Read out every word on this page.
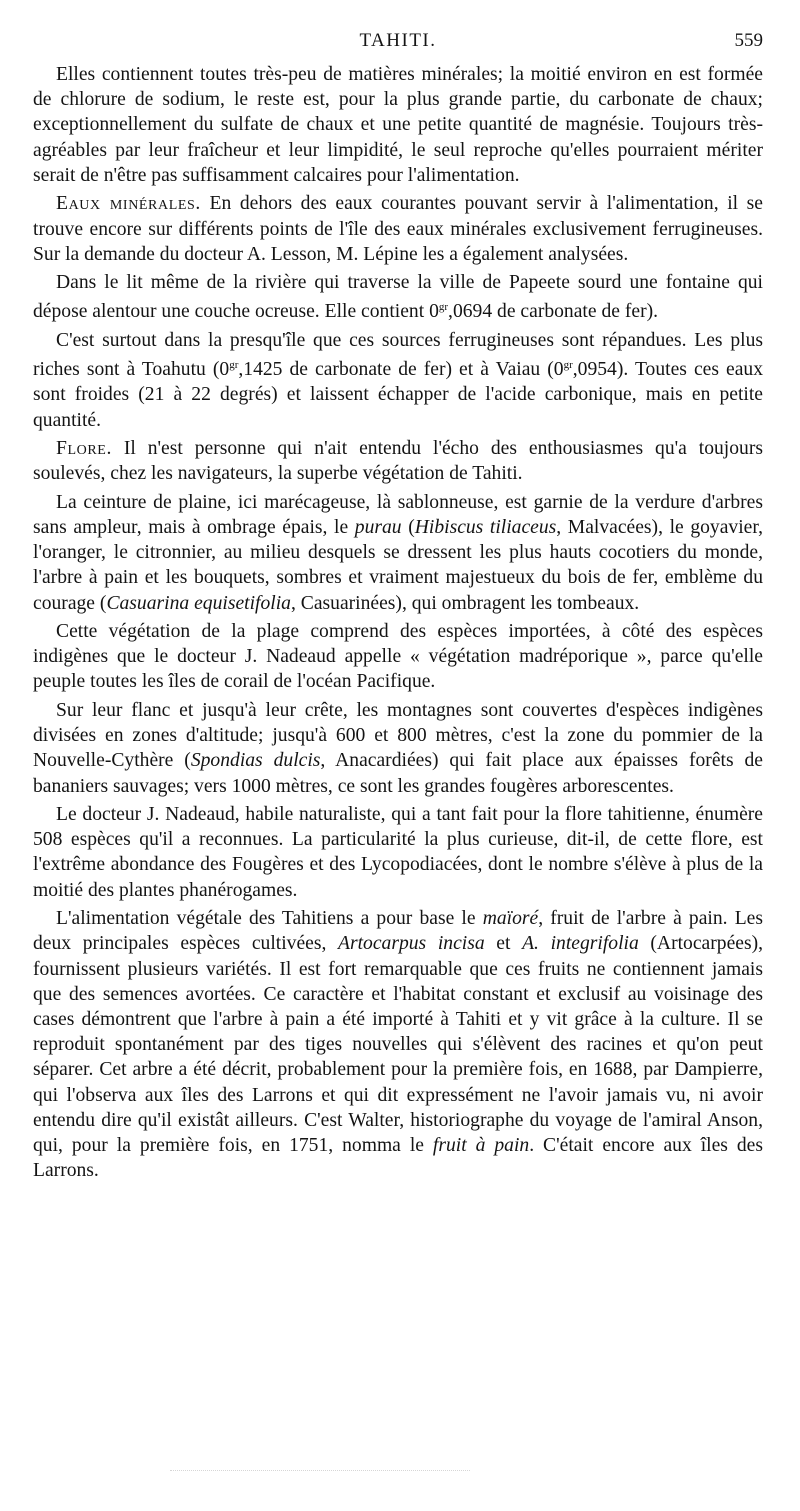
TAHITI.	559

Elles contiennent toutes très-peu de matières minérales; la moitié environ en est formée de chlorure de sodium, le reste est, pour la plus grande partie, du carbonate de chaux; exceptionnellement du sulfate de chaux et une petite quantité de magnésie. Toujours très-agréables par leur fraîcheur et leur limpidité, le seul reproche qu'elles pourraient mériter serait de n'être pas suffisamment calcaires pour l'alimentation.

Eaux minérales. En dehors des eaux courantes pouvant servir à l'alimentation, il se trouve encore sur différents points de l'île des eaux minérales exclusivement ferrugineuses. Sur la demande du docteur A. Lesson, M. Lépine les a également analysées.

Dans le lit même de la rivière qui traverse la ville de Papeete sourd une fontaine qui dépose alentour une couche ocreuse. Elle contient $0^{gr},0694$ de carbonate de fer).

C'est surtout dans la presqu'île que ces sources ferrugineuses sont répandues. Les plus riches sont à Toahutu ($0^{gr},1425$ de carbonate de fer) et à Vaiau $(0^{gr},0954)$. Toutes ces eaux sont froides (21 à 22 degrés) et laissent échapper de l'acide carbonique, mais en petite quantité.

Flore. Il n'est personne qui n'ait entendu l'écho des enthousiasmes qu'a toujours soulevés, chez les navigateurs, la superbe végétation de Tahiti.

La ceinture de plaine, ici marécageuse, là sablonneuse, est garnie de la verdure d'arbres sans ampleur, mais à ombrage épais, le purau (Hibiscus tiliaceus, Malvacées), le goyavier, l'oranger, le citronnier, au milieu desquels se dressent les plus hauts cocotiers du monde, l'arbre à pain et les bouquets, sombres et vraiment majestueux du bois de fer, emblème du courage (Casuarina equisetifolia, Casuarinées), qui ombragent les tombeaux.

Cette végétation de la plage comprend des espèces importées, à côté des espèces indigènes que le docteur J. Nadeaud appelle « végétation madréporique », parce qu'elle peuple toutes les îles de corail de l'océan Pacifique.

Sur leur flanc et jusqu'à leur crête, les montagnes sont couvertes d'espèces indigènes divisées en zones d'altitude; jusqu'à 600 et 800 mètres, c'est la zone du pommier de la Nouvelle-Cythère (Spondias dulcis, Anacardiées) qui fait place aux épaisses forêts de bananiers sauvages; vers 1000 mètres, ce sont les grandes fougères arborescentes.

Le docteur J. Nadeaud, habile naturaliste, qui a tant fait pour la flore tahitienne, énumère 508 espèces qu'il a reconnues. La particularité la plus curieuse, dit-il, de cette flore, est l'extrême abondance des Fougères et des Lycopodiacées, dont le nombre s'élève à plus de la moitié des plantes phanérogames.

L'alimentation végétale des Tahitiens a pour base le maïoré, fruit de l'arbre à pain. Les deux principales espèces cultivées, Artocarpus incisa et A. integrifolia (Artocarpées), fournissent plusieurs variétés. Il est fort remarquable que ces fruits ne contiennent jamais que des semences avortées. Ce caractère et l'habitat constant et exclusif au voisinage des cases démontrent que l'arbre à pain a été importé à Tahiti et y vit grâce à la culture. Il se reproduit spontanément par des tiges nouvelles qui s'élèvent des racines et qu'on peut séparer. Cet arbre a été décrit, probablement pour la première fois, en 1688, par Dampierre, qui l'observa aux îles des Larrons et qui dit expressément ne l'avoir jamais vu, ni avoir entendu dire qu'il existât ailleurs. C'est Walter, historiographe du voyage de l'amiral Anson, qui, pour la première fois, en 1751, nomma le fruit à pain. C'était encore aux îles des Larrons.
